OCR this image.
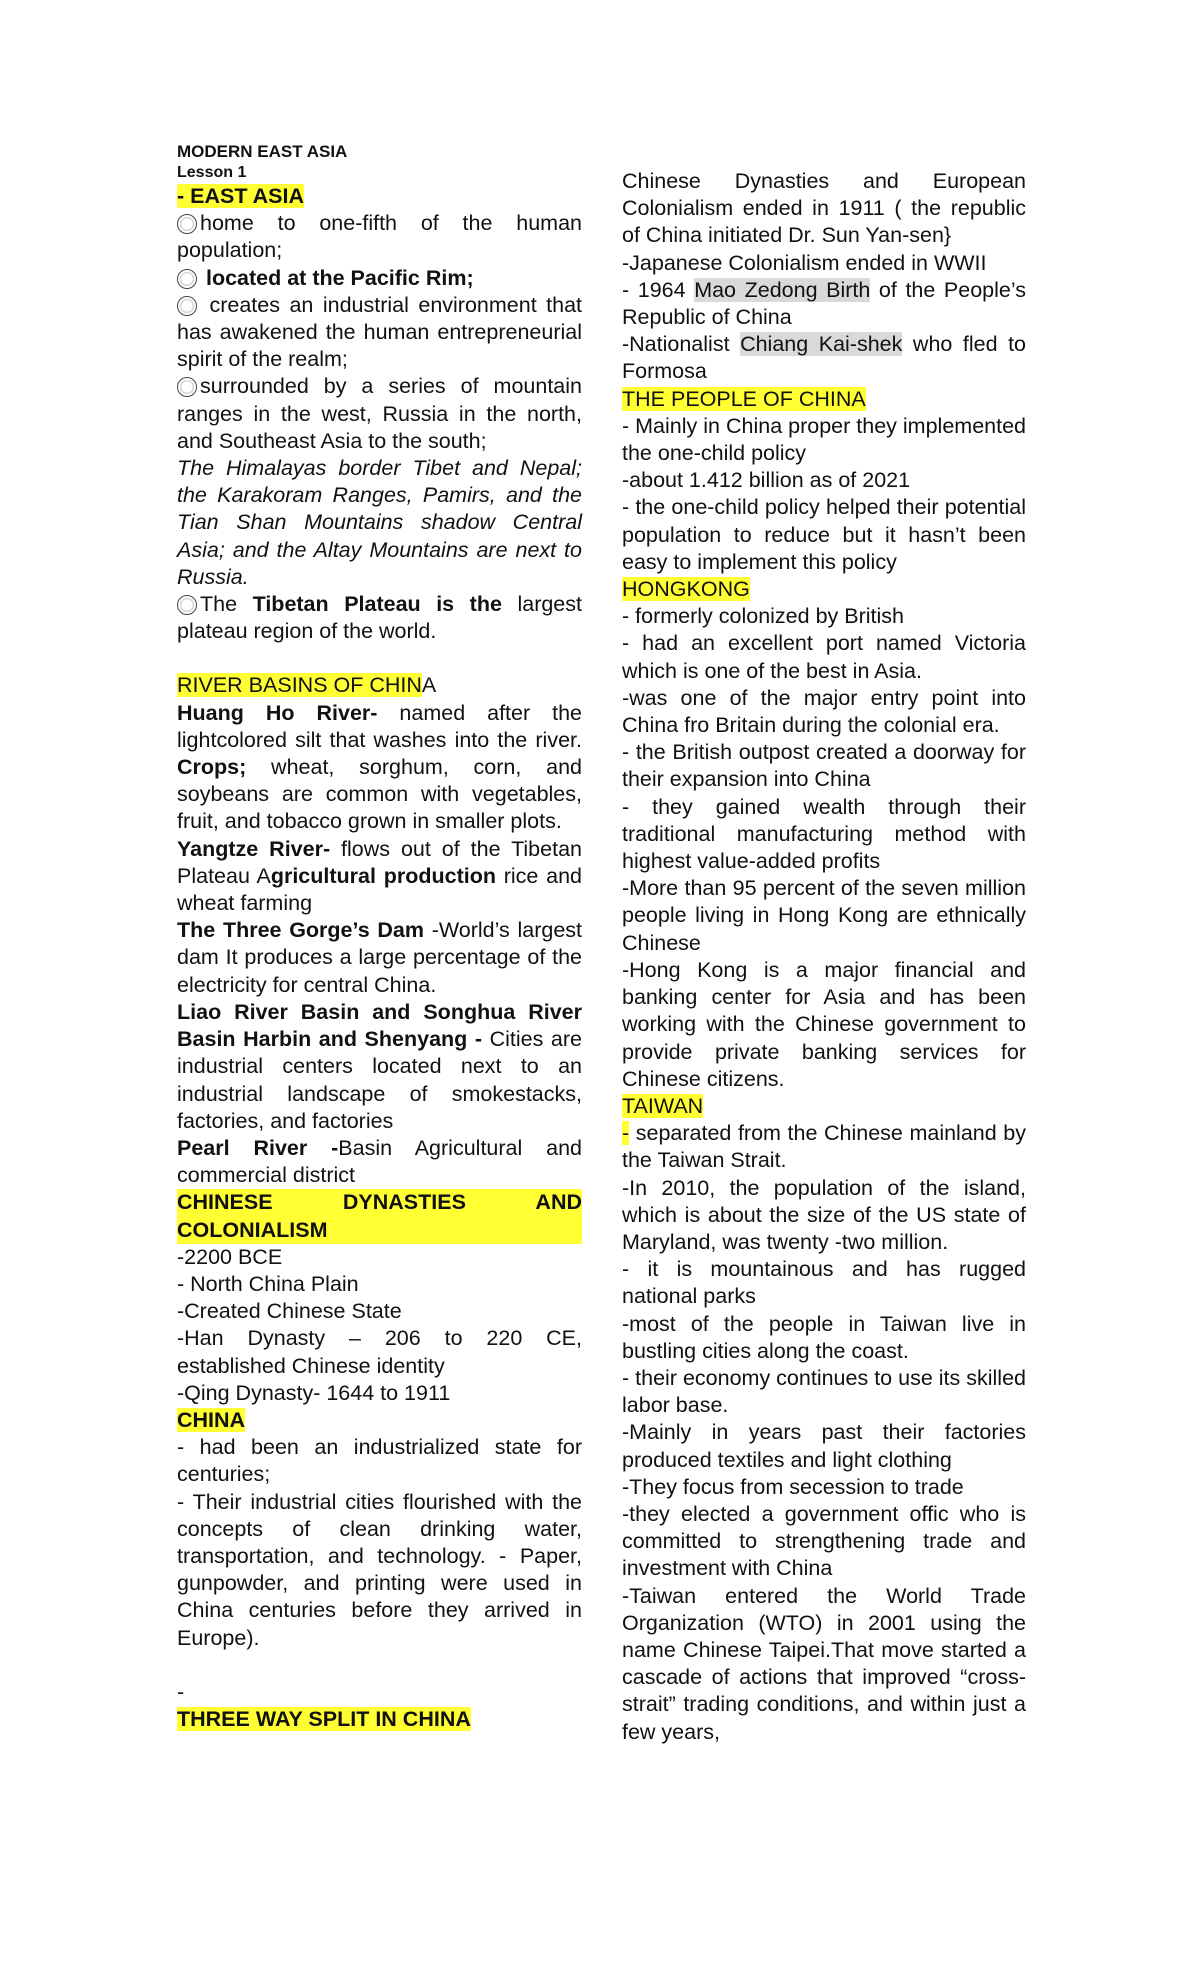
MODERN EAST ASIA
Lesson 1
- EAST ASIA

home to one-fifth of the human population;

located at the Pacific Rim;

creates an industrial environment that has awakened the human entrepreneurial spirit of the realm;

surrounded by a series of mountain ranges in the west, Russia in the north, and Southeast Asia to the south;

The Himalayas border Tibet and Nepal; the Karakoram Ranges, Pamirs, and the Tian Shan Mountains shadow Central Asia; and the Altay Mountains are next to Russia.

The Tibetan Plateau is the largest plateau region of the world.

RIVER BASINS OF CHINA

Huang Ho River- named after the lightcolored silt that washes into the river. Crops; wheat, sorghum, corn, and soybeans are common with vegetables, fruit, and tobacco grown in smaller plots.

Yangtze River- flows out of the Tibetan Plateau Agricultural production rice and wheat farming

The Three Gorge’s Dam -World’s largest dam It produces a large percentage of the electricity for central China.

Liao River Basin and Songhua River Basin Harbin and Shenyang - Cities are industrial centers located next to an industrial landscape of smokestacks, factories, and factories

Pearl River -Basin Agricultural and commercial district

CHINESE DYNASTIES AND COLONIALISM

-2200 BCE
- North China Plain
-Created Chinese State

-Han Dynasty – 206 to 220 CE, established Chinese identity

-Qing Dynasty- 1644 to 1911
CHINA

- had been an industrialized state for centuries;

- Their industrial cities flourished with the concepts of clean drinking water, transportation, and technology. - Paper, gunpowder, and printing were used in China centuries before they arrived in Europe).

-
THREE WAY SPLIT IN CHINA

Chinese Dynasties and European Colonialism ended in 1911 ( the republic of China initiated Dr. Sun Yan-sen}

-Japanese Colonialism ended in WWII

- 1964 Mao Zedong Birth of the People’s Republic of China

-Nationalist Chiang Kai-shek who fled to Formosa

THE PEOPLE OF CHINA

- Mainly in China proper they implemented the one-child policy

-about 1.412 billion as of 2021

- the one-child policy helped their potential population to reduce but it hasn’t been easy to implement this policy

HONGKONG
- formerly colonized by British

- had an excellent port named Victoria which is one of the best in Asia.

-was one of the major entry point into China fro Britain during the colonial era.

- the British outpost created a doorway for their expansion into China

- they gained wealth through their traditional manufacturing method with highest value-added profits

-More than 95 percent of the seven million people living in Hong Kong are ethnically Chinese

-Hong Kong is a major financial and banking center for Asia and has been working with the Chinese government to provide private banking services for Chinese citizens.

TAIWAN

- separated from the Chinese mainland by the Taiwan Strait.

-In 2010, the population of the island, which is about the size of the US state of Maryland, was twenty -two million.

- it is mountainous and has rugged national parks

-most of the people in Taiwan live in bustling cities along the coast.

- their economy continues to use its skilled labor base.

-Mainly in years past their factories produced textiles and light clothing

-They focus from secession to trade

-they elected a government offic who is committed to strengthening trade and investment with China

-Taiwan entered the World Trade Organization (WTO) in 2001 using the name Chinese Taipei.That move started a cascade of actions that improved “cross-strait” trading conditions, and within just a few years,
